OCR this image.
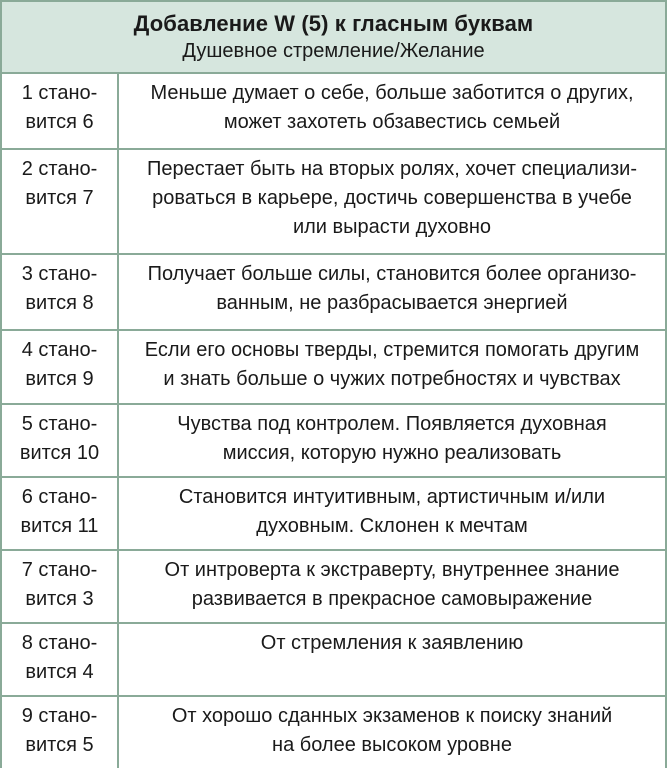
Добавление W (5) к гласным буквам
Душевное стремление/Желание
1 стано-
вится 6
Меньше думает о себе, больше заботится о других,
может захотеть обзавестись семьей
2 стано-
вится 7
Перестает быть на вторых ролях, хочет специализи-
роваться в карьере, достичь совершенства в учебе
или вырасти духовно
3 стано-
вится 8
Получает больше силы, становится более организо-
ванным, не разбрасывается энергией
4 стано-
вится 9
Если его основы тверды, стремится помогать другим
и знать больше о чужих потребностях и чувствах
5 стано-
вится 10
Чувства под контролем. Появляется духовная
миссия, которую нужно реализовать
6 стано-
вится 11
Становится интуитивным, артистичным и/или
духовным. Склонен к мечтам
7 стано-
вится 3
От интроверта к экстраверту, внутреннее знание
развивается в прекрасное самовыражение
8 стано-
вится 4
От стремления к заявлению
9 стано-
вится 5
От хорошо сданных экзаменов к поиску знаний
на более высоком уровне
